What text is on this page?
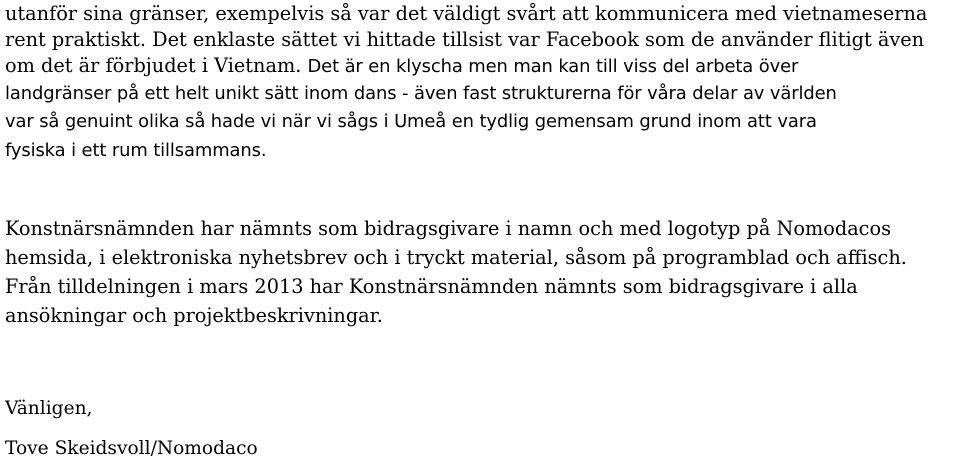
utanför sina gränser, exempelvis så var det väldigt svårt att kommunicera med vietnameserna
rent praktiskt. Det enklaste sättet vi hittade tillsist var Facebook som de använder flitigt även
om det är förbjudet i Vietnam. Det är en klyscha men man kan till viss del arbeta över
landgränser på ett helt unikt sätt inom dans - även fast strukturerna för våra delar av världen
var så genuint olika så hade vi när vi sågs i Umeå en tydlig gemensam grund inom att vara
fysiska i ett rum tillsammans.
Konstnärsnämnden har nämnts som bidragsgivare i namn och med logotyp på Nomodacos
hemsida, i elektroniska nyhetsbrev och i tryckt material, såsom på programblad och affisch.
Från tilldelningen i mars 2013 har Konstnärsnämnden nämnts som bidragsgivare i alla
ansökningar och projektbeskrivningar.
Vänligen,
Tove Skeidsvoll/Nomodaco
